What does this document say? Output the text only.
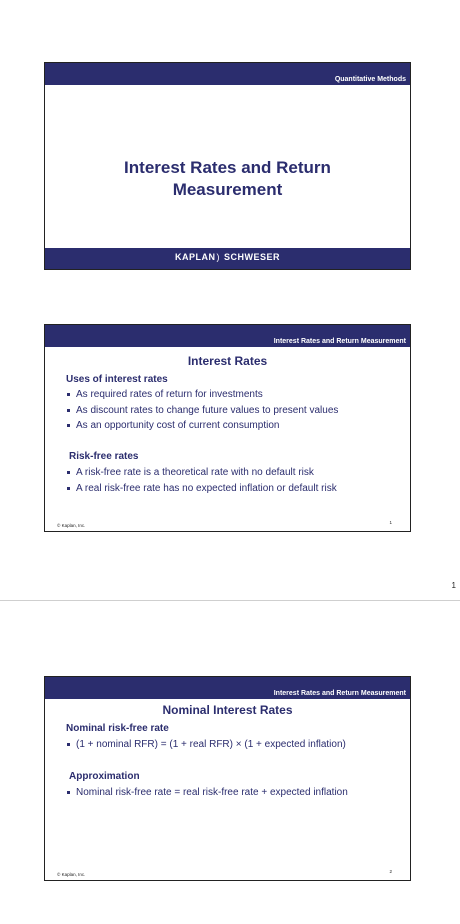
Quantitative Methods
Interest Rates and Return
Measurement
KAPLAN) SCHWESER
Interest Rates and Return Measurement
Interest Rates
Uses of interest rates
As required rates of return for investments
As discount rates to change future values to present values
As an opportunity cost of current consumption
Risk-free rates
A risk-free rate is a theoretical rate with no default risk
A real risk-free rate has no expected inflation or default risk
© Kaplan, Inc.
1
1
Interest Rates and Return Measurement
Nominal Interest Rates
Nominal risk-free rate
(1 + nominal RFR) = (1 + real RFR) × (1 + expected inflation)
Approximation
Nominal risk-free rate = real risk-free rate + expected inflation
© Kaplan, Inc.
2
